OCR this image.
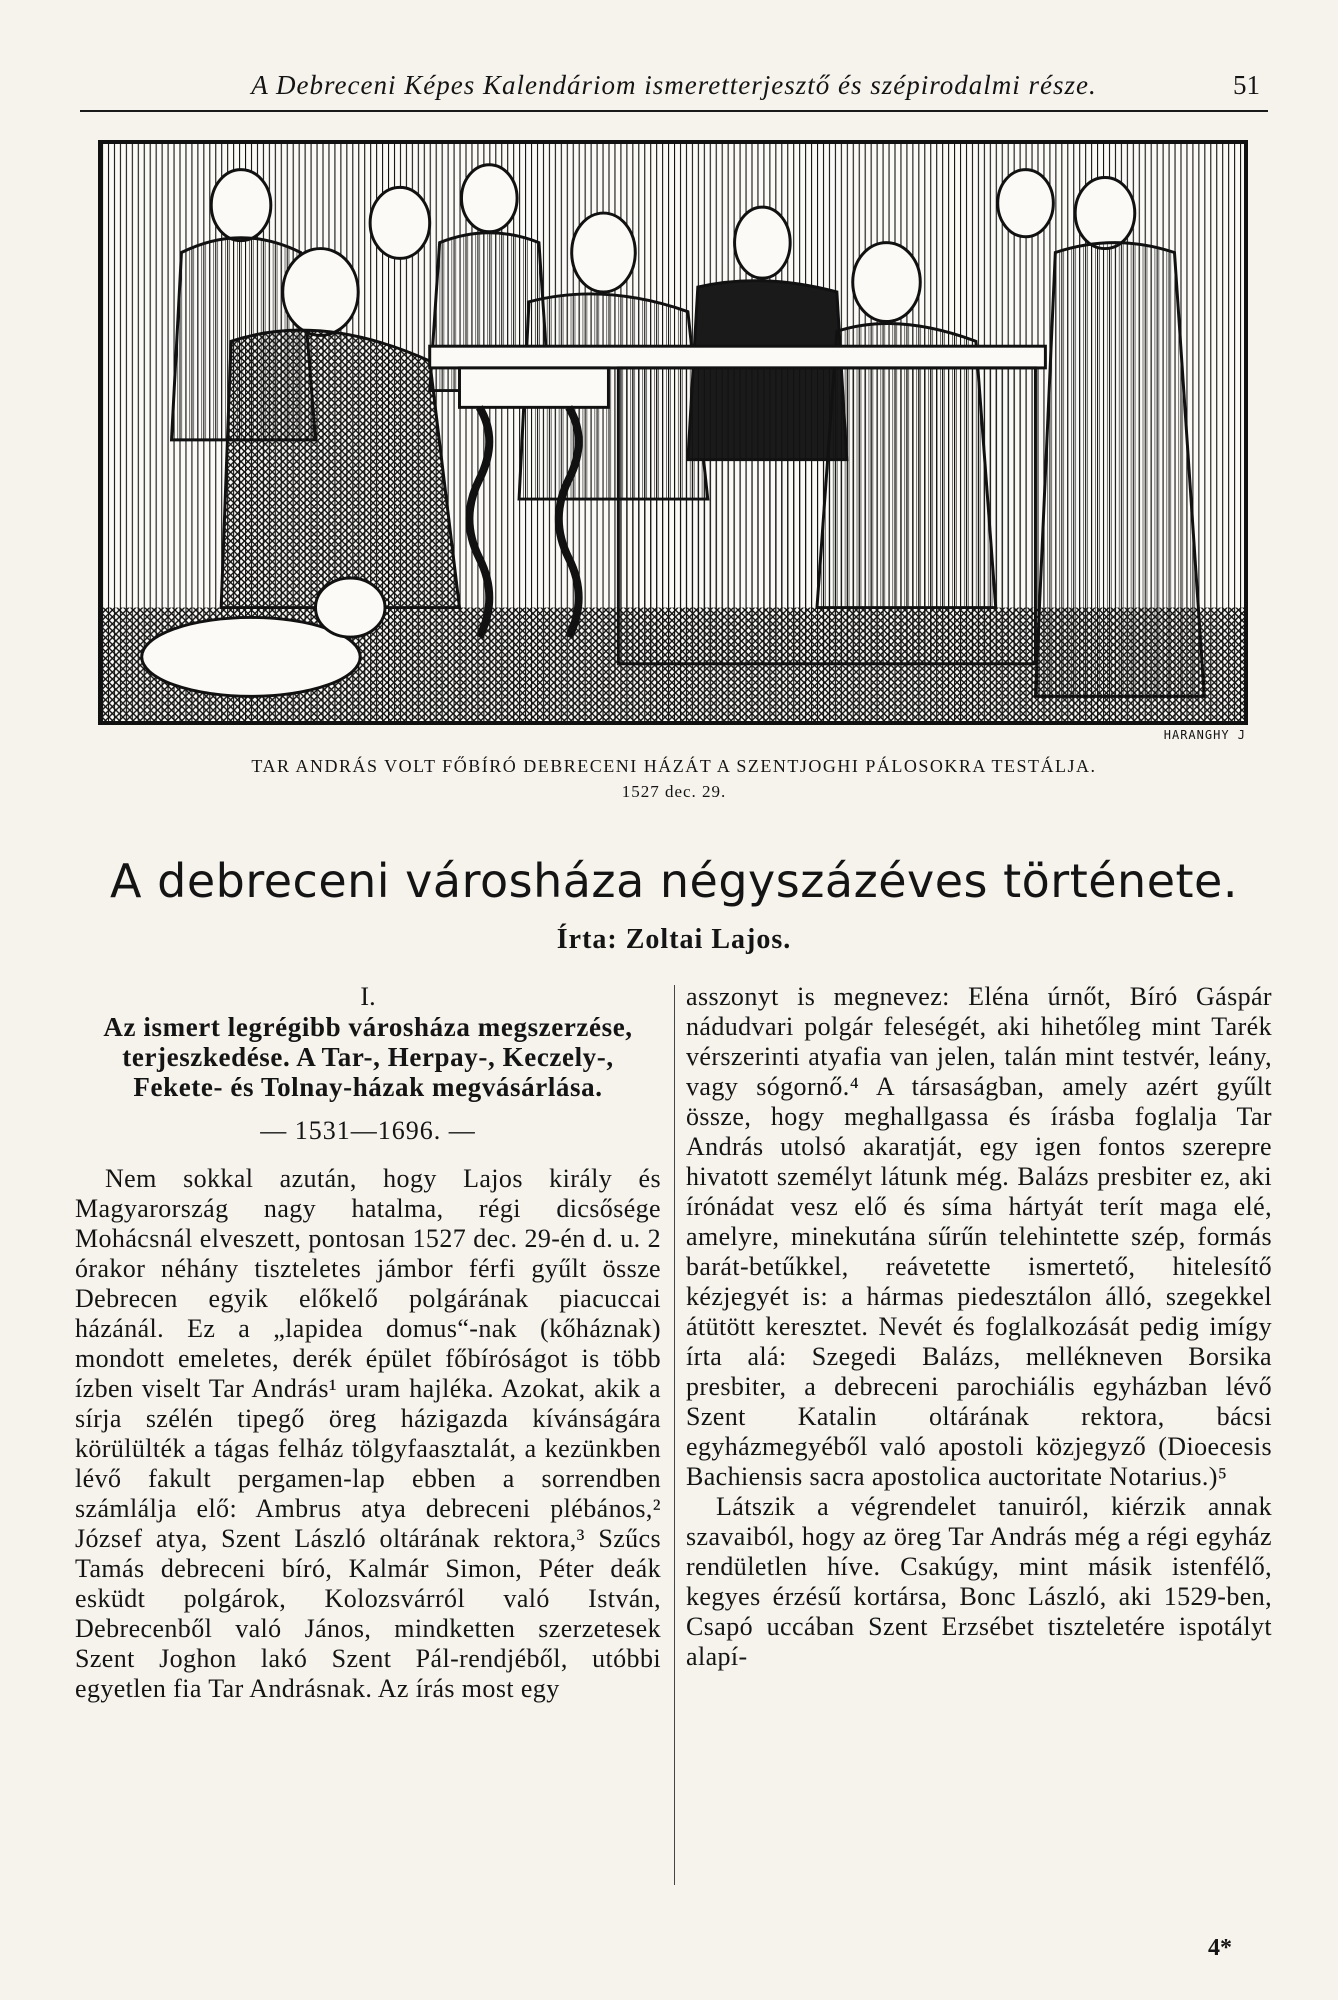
A Debreceni Képes Kalendáriom ismeretterjesztő és szépirodalmi része.	51
HARANGHY J
TAR ANDRÁS VOLT FŐBÍRÓ DEBRECENI HÁZÁT A SZENTJOGHI PÁLOSOKRA TESTÁLJA.
1527 dec. 29.
A debreceni városháza négyszázéves története.
Írta: Zoltai Lajos.

I.

Az ismert legrégibb városháza megszerzése, terjeszkedése. A Tar-, Herpay-, Keczely-, Fekete- és Tolnay-házak megvásárlása.

— 1531—1696. —

Nem sokkal azután, hogy Lajos király és Magyarország nagy hatalma, régi dicsősége Mohácsnál elveszett, pontosan 1527 dec. 29-én d. u. 2 órakor néhány tiszteletes jámbor férfi gyűlt össze Debrecen egyik előkelő polgárának piacuccai házánál. Ez a „lapidea domus“-nak (kőháznak) mondott emeletes, derék épület főbíróságot is több ízben viselt Tar András¹ uram hajléka. Azokat, akik a sírja szélén tipegő öreg házigazda kívánságára körülülték a tágas felház tölgyfaasztalát, a kezünkben lévő fakult pergamen-lap ebben a sorrendben számlálja elő: Ambrus atya debreceni plébános,² József atya, Szent László oltárának rektora,³ Szűcs Tamás debreceni bíró, Kalmár Simon, Péter deák esküdt polgárok, Kolozsvárról való István, Debrecenből való János, mindketten szerzetesek Szent Joghon lakó Szent Pál-rendjéből, utóbbi egyetlen fia Tar Andrásnak. Az írás most egy

asszonyt is megnevez: Eléna úrnőt, Bíró Gáspár nádudvari polgár feleségét, aki hihetőleg mint Tarék vérszerinti atyafia van jelen, talán mint testvér, leány, vagy sógornő.⁴ A társaságban, amely azért gyűlt össze, hogy meghallgassa és írásba foglalja Tar András utolsó akaratját, egy igen fontos szerepre hivatott személyt látunk még. Balázs presbiter ez, aki írónádat vesz elő és síma hártyát terít maga elé, amelyre, minekutána sűrűn telehintette szép, formás barát-betűkkel, reávetette ismertető, hitelesítő kézjegyét is: a hármas piedesztálon álló, szegekkel átütött keresztet. Nevét és foglalkozását pedig imígy írta alá: Szegedi Balázs, mellékneven Borsika presbiter, a debreceni parochiális egyházban lévő Szent Katalin oltárának rektora, bácsi egyházmegyéből való apostoli közjegyző (Dioecesis Bachiensis sacra apostolica auctoritate Notarius.)⁵

Látszik a végrendelet tanuiról, kiérzik annak szavaiból, hogy az öreg Tar András még a régi egyház rendületlen híve. Csakúgy, mint másik istenfélő, kegyes érzésű kortársa, Bonc László, aki 1529-ben, Csapó uccában Szent Erzsébet tiszteletére ispotályt alapí-

4*
